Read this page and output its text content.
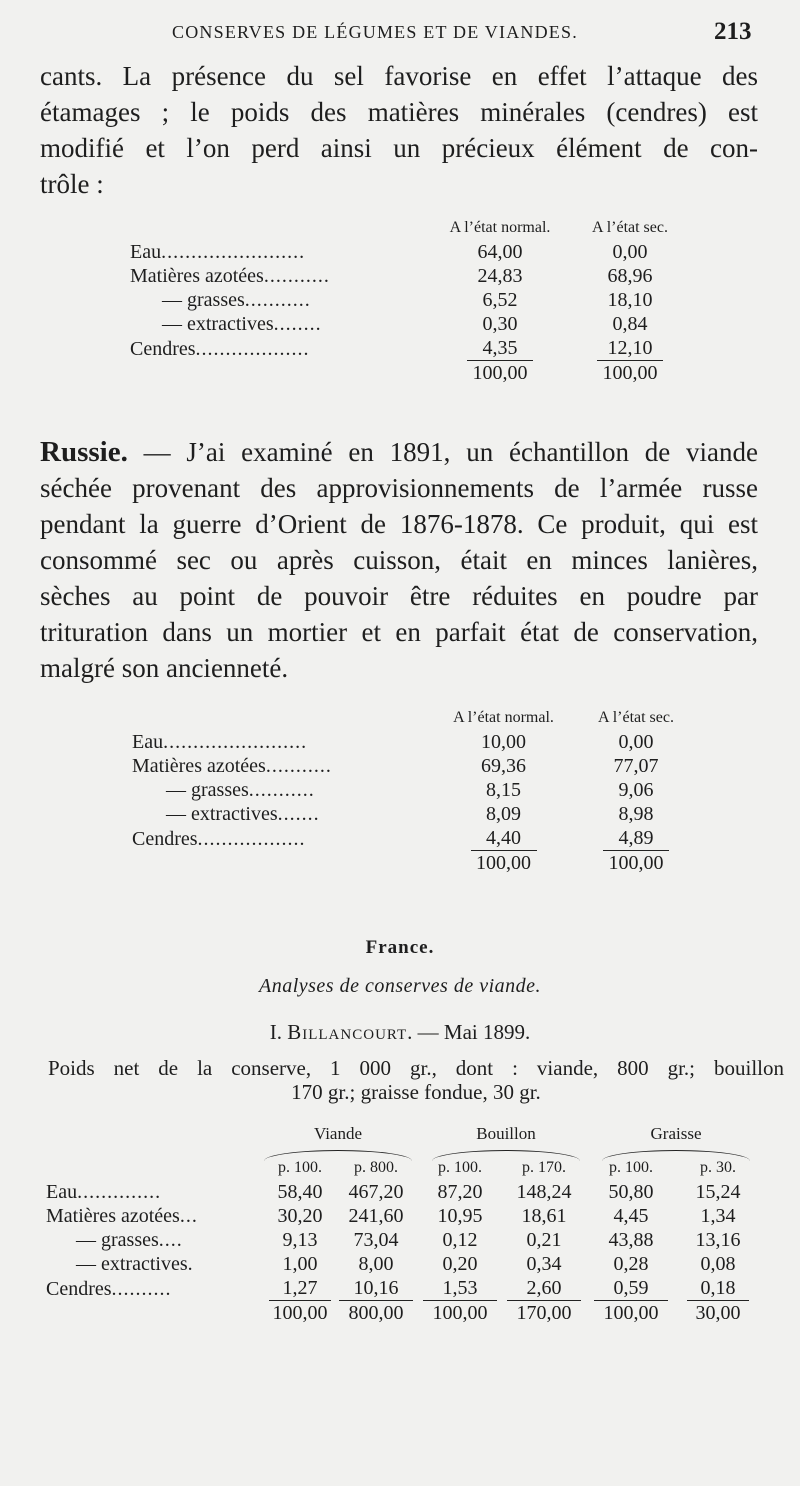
CONSERVES DE LÉGUMES ET DE VIANDES.	213
cants. La présence du sel favorise en effet l’attaque des
étamages ; le poids des matières minérales (cendres) est
modifié et l’on perd ainsi un précieux élément de con-
trôle :
	A l’état normal.	A l’état sec.
Eau........................	64,00	0,00
Matières azotées...........	24,83	68,96
— grasses...........	6,52	18,10
— extractives........	0,30	0,84
Cendres...................	4,35	12,10
	100,00	100,00
Russie. — J’ai examiné en 1891, un échantillon de viande
séchée provenant des approvisionnements de l’armée russe
pendant la guerre d’Orient de 1876-1878. Ce produit, qui est
consommé sec ou après cuisson, était en minces lanières,
sèches au point de pouvoir être réduites en poudre par
trituration dans un mortier et en parfait état de conservation,
malgré son ancienneté.
	A l’état normal.	A l’état sec.
Eau........................	10,00	0,00
Matières azotées...........	69,36	77,07
— grasses...........	8,15	9,06
— extractives.......	8,09	8,98
Cendres..................	4,40	4,89
	100,00	100,00
France.
Analyses de conserves de viande.
I. Billancourt. — Mai 1899.
Poids net de la conserve, 1 000 gr., dont : viande, 800 gr.; bouillon
170 gr.; graisse fondue, 30 gr.
Viande	Bouillon	Graisse
	p. 100.	p. 800.	p. 100.	p. 170.	p. 100.	p. 30.
Eau..............	58,40	467,20	87,20	148,24	50,80	15,24
Matières azotées...	30,20	241,60	10,95	18,61	4,45	1,34
— grasses....	9,13	73,04	0,12	0,21	43,88	13,16
— extractives.	1,00	8,00	0,20	0,34	0,28	0,08
Cendres..........	1,27	10,16	1,53	2,60	0,59	0,18
	100,00	800,00	100,00	170,00	100,00	30,00
